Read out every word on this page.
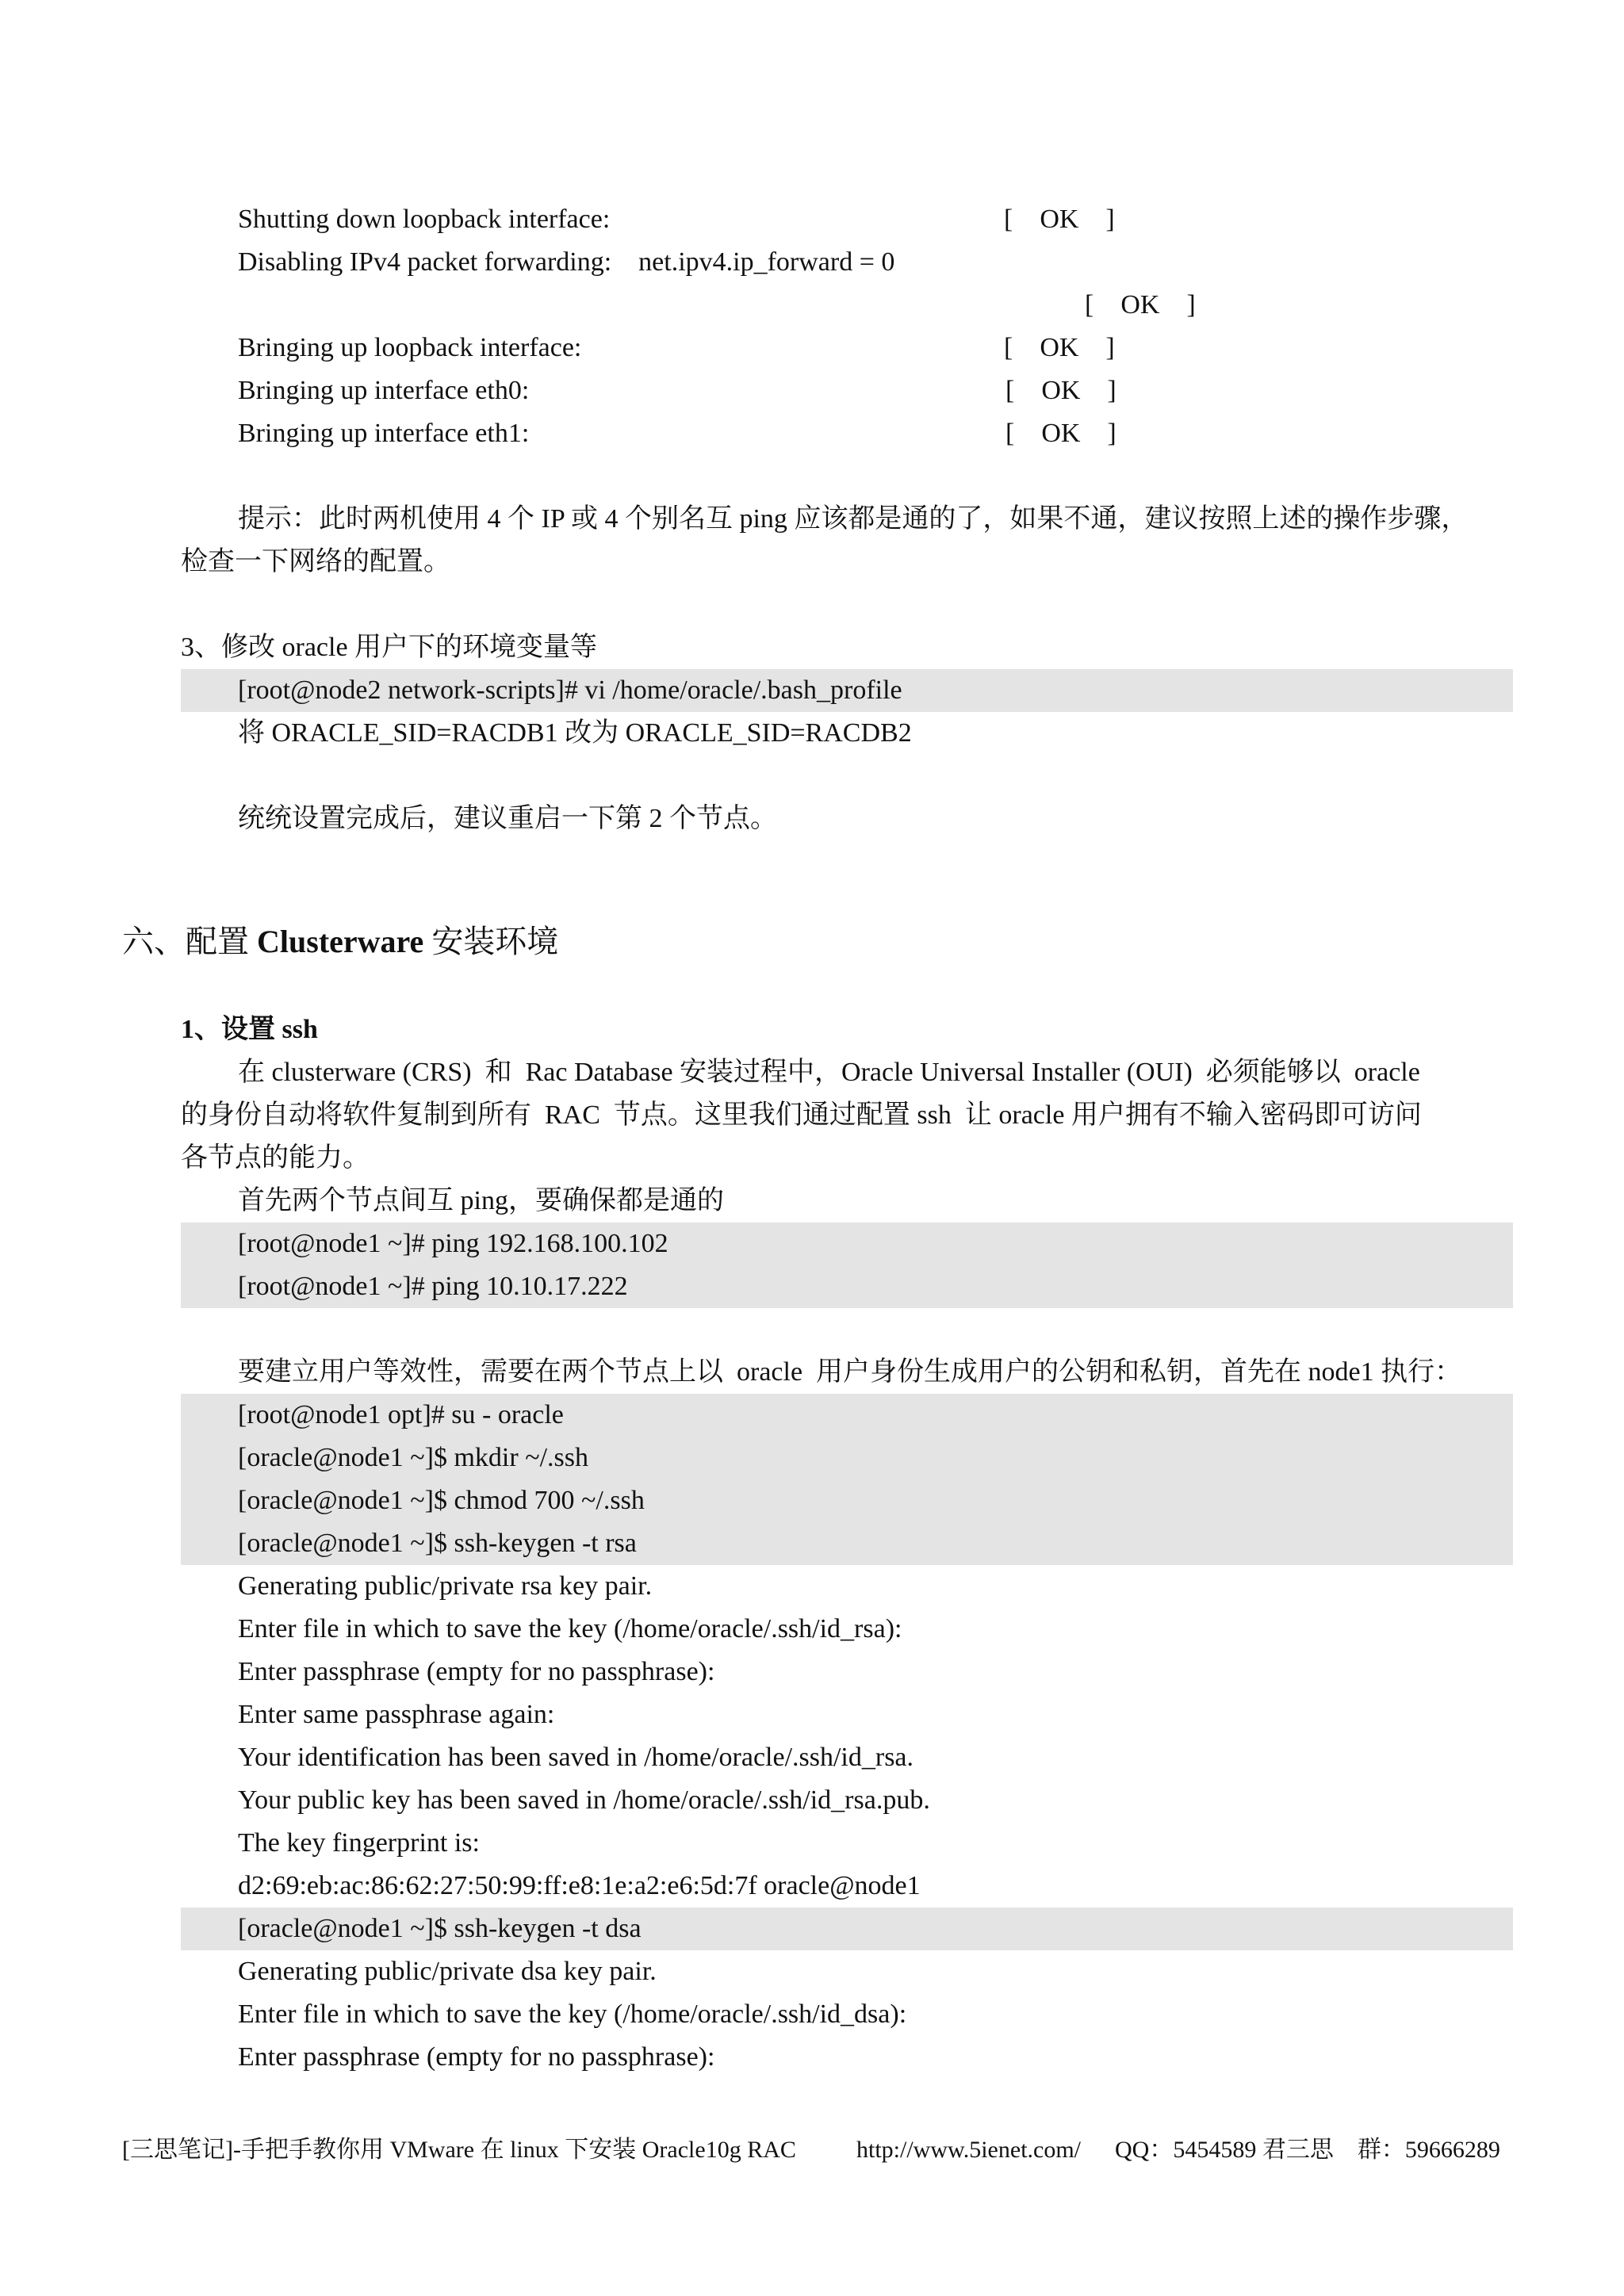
Shutting down loopback interface:	[    OK    ]
Disabling IPv4 packet forwarding:    net.ipv4.ip_forward = 0
[    OK    ]
Bringing up loopback interface:	[    OK    ]
Bringing up interface eth0:	[    OK    ]
Bringing up interface eth1:	[    OK    ]
提示：此时两机使用 4 个 IP 或 4 个别名互 ping 应该都是通的了，如果不通，建议按照上述的操作步骤，
检查一下网络的配置。
3、修改 oracle 用户下的环境变量等
[root@node2 network-scripts]# vi /home/oracle/.bash_profile
将 ORACLE_SID=RACDB1 改为 ORACLE_SID=RACDB2
统统设置完成后，建议重启一下第 2 个节点。
六、配置 Clusterware 安装环境
1、设置 ssh
在 clusterware (CRS)  和  Rac Database 安装过程中，Oracle Universal Installer (OUI)  必须能够以  oracle
的身份自动将软件复制到所有  RAC  节点。这里我们通过配置 ssh  让 oracle 用户拥有不输入密码即可访问
各节点的能力。
首先两个节点间互 ping，要确保都是通的
[root@node1 ~]# ping 192.168.100.102
[root@node1 ~]# ping 10.10.17.222
要建立用户等效性，需要在两个节点上以  oracle  用户身份生成用户的公钥和私钥，首先在 node1 执行：
[root@node1 opt]# su - oracle
[oracle@node1 ~]$ mkdir ~/.ssh
[oracle@node1 ~]$ chmod 700 ~/.ssh
[oracle@node1 ~]$ ssh-keygen -t rsa
Generating public/private rsa key pair.
Enter file in which to save the key (/home/oracle/.ssh/id_rsa):
Enter passphrase (empty for no passphrase):
Enter same passphrase again:
Your identification has been saved in /home/oracle/.ssh/id_rsa.
Your public key has been saved in /home/oracle/.ssh/id_rsa.pub.
The key fingerprint is:
d2:69:eb:ac:86:62:27:50:99:ff:e8:1e:a2:e6:5d:7f oracle@node1
[oracle@node1 ~]$ ssh-keygen -t dsa
Generating public/private dsa key pair.
Enter file in which to save the key (/home/oracle/.ssh/id_dsa):
Enter passphrase (empty for no passphrase):
[三思笔记]-手把手教你用 VMware 在 linux 下安装 Oracle10g RAC	http://www.5ienet.com/ QQ：5454589 君三思    群：59666289
